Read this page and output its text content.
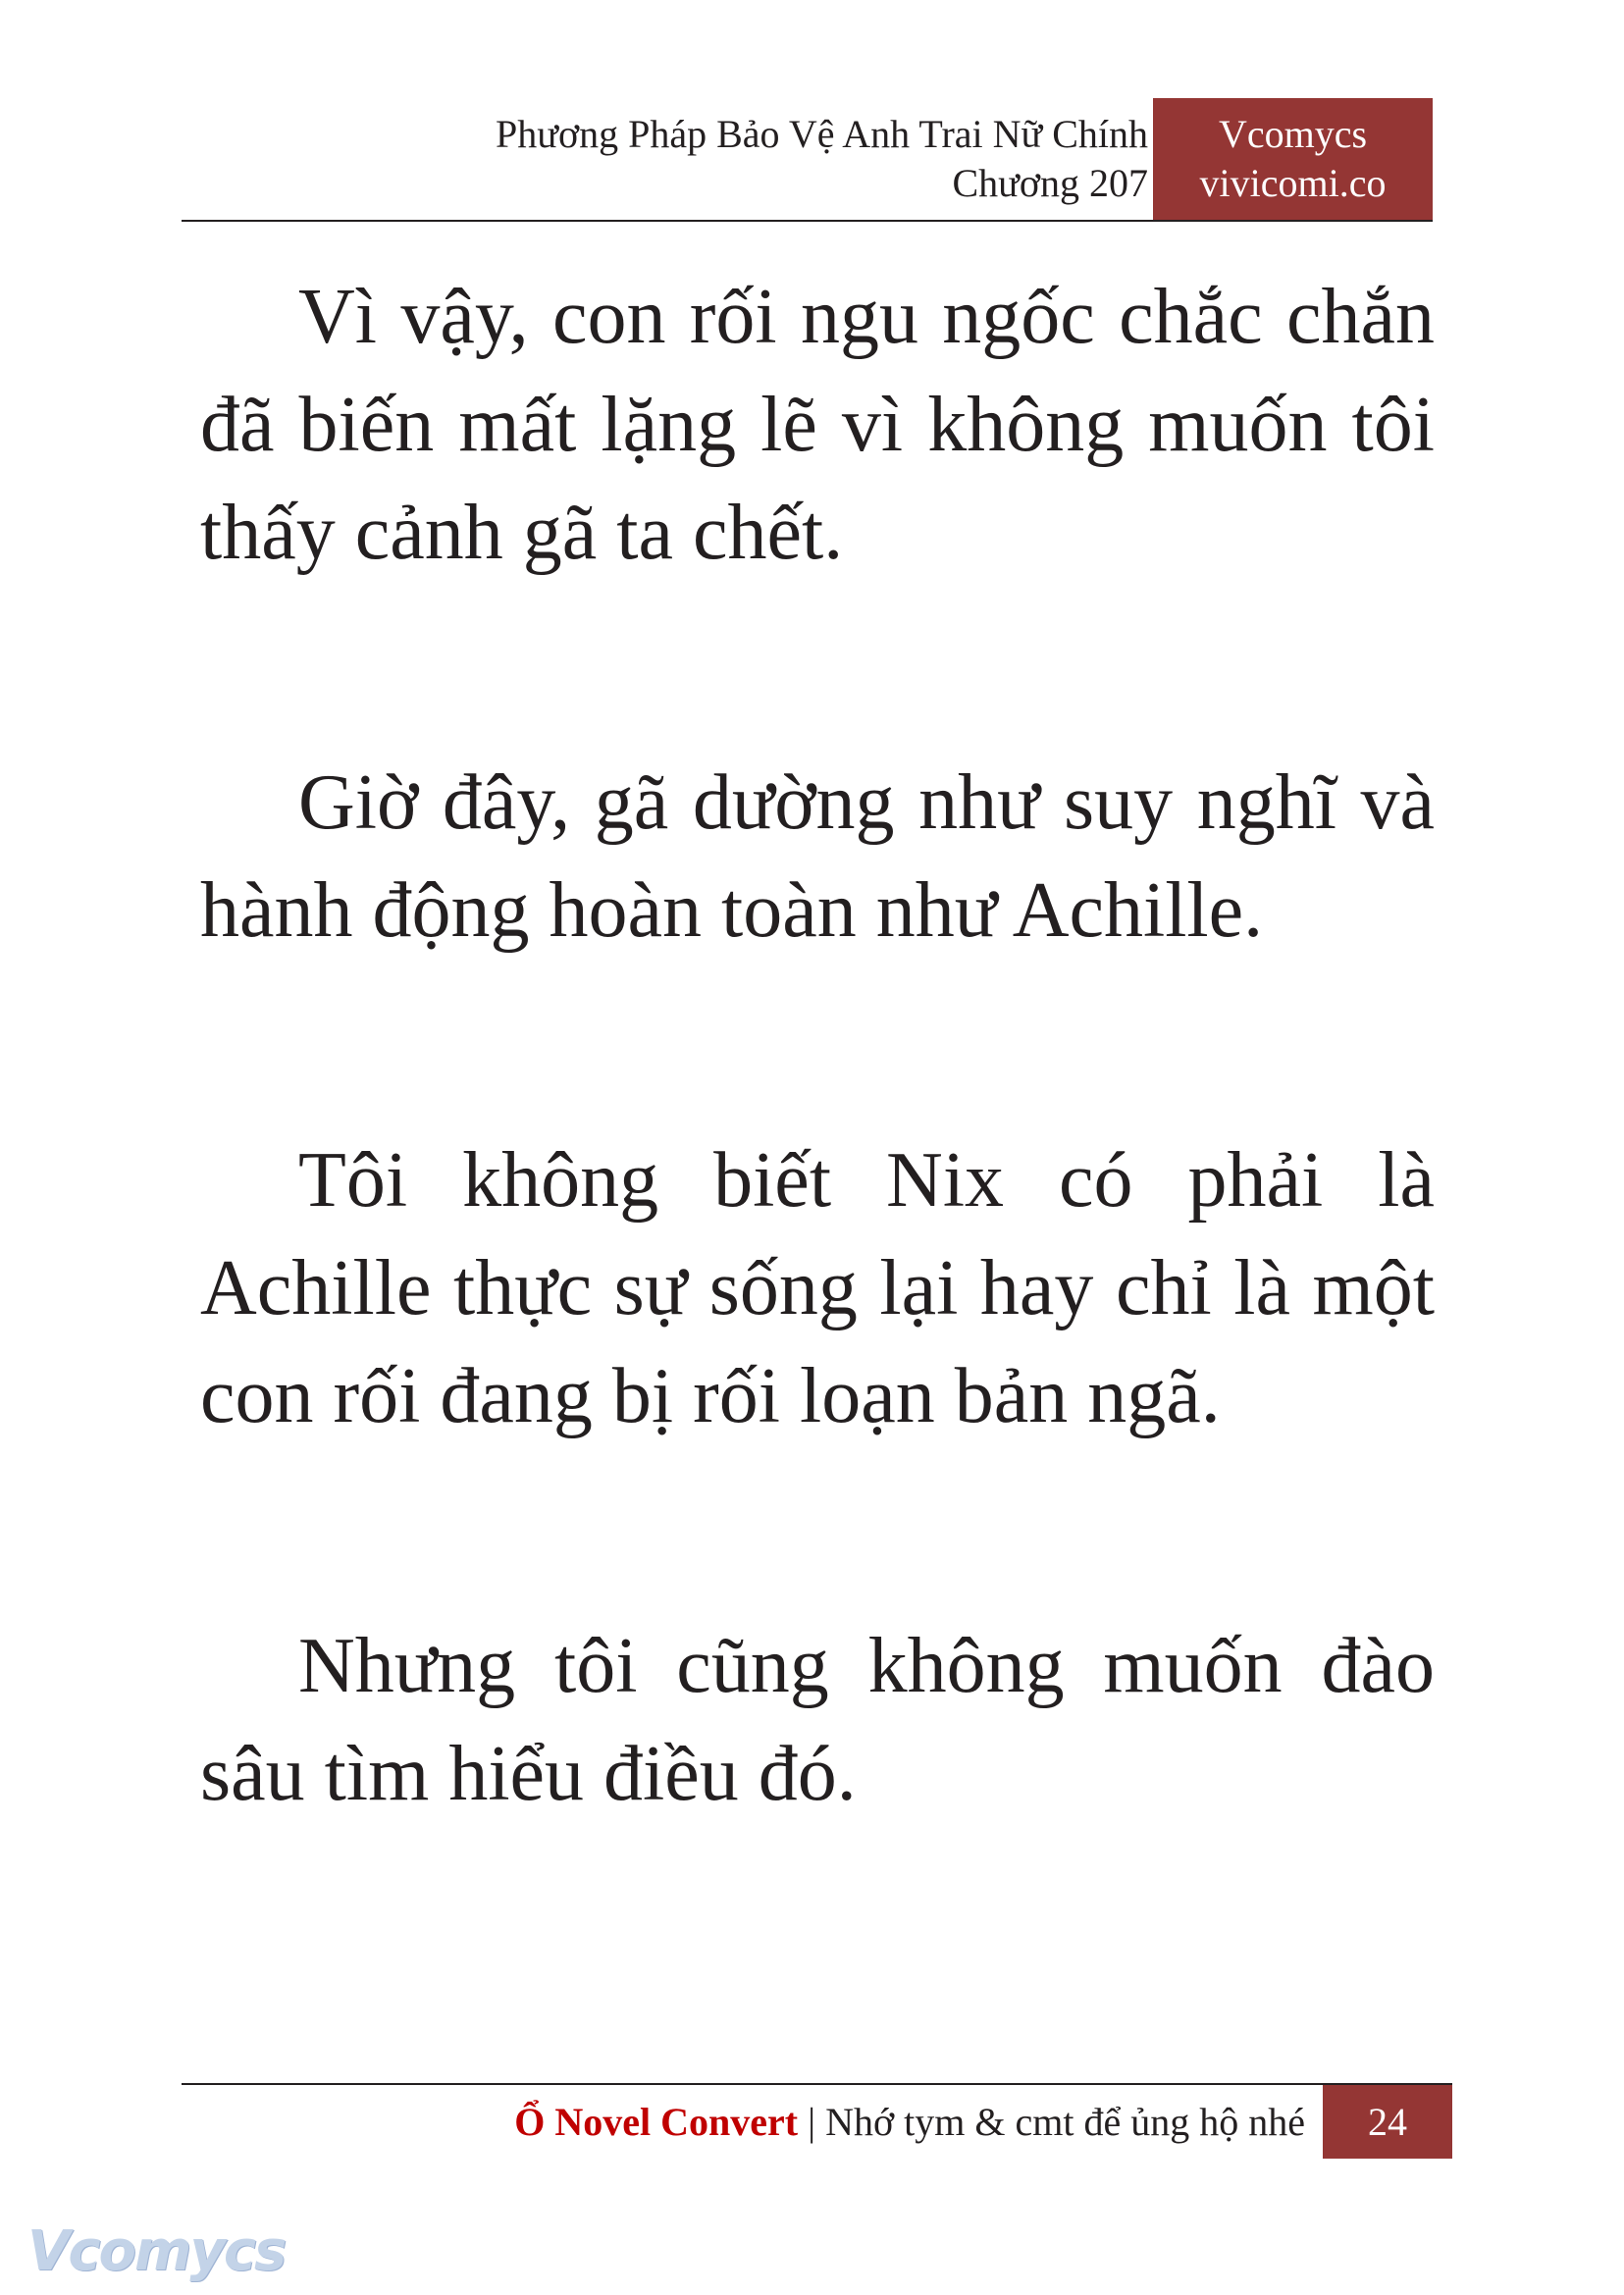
Phương Pháp Bảo Vệ Anh Trai Nữ Chính
Chương 207
Vcomycs
vivicomi.co

Vì vậy, con rối ngu ngốc chắc chắn đã biến mất lặng lẽ vì không muốn tôi thấy cảnh gã ta chết.

Giờ đây, gã dường như suy nghĩ và hành động hoàn toàn như Achille.

Tôi không biết Nix có phải là Achille thực sự sống lại hay chỉ là một con rối đang bị rối loạn bản ngã.

Nhưng tôi cũng không muốn đào sâu tìm hiểu điều đó.

Ổ Novel Convert | Nhớ tym & cmt để ủng hộ nhé	24
Vcomycs
